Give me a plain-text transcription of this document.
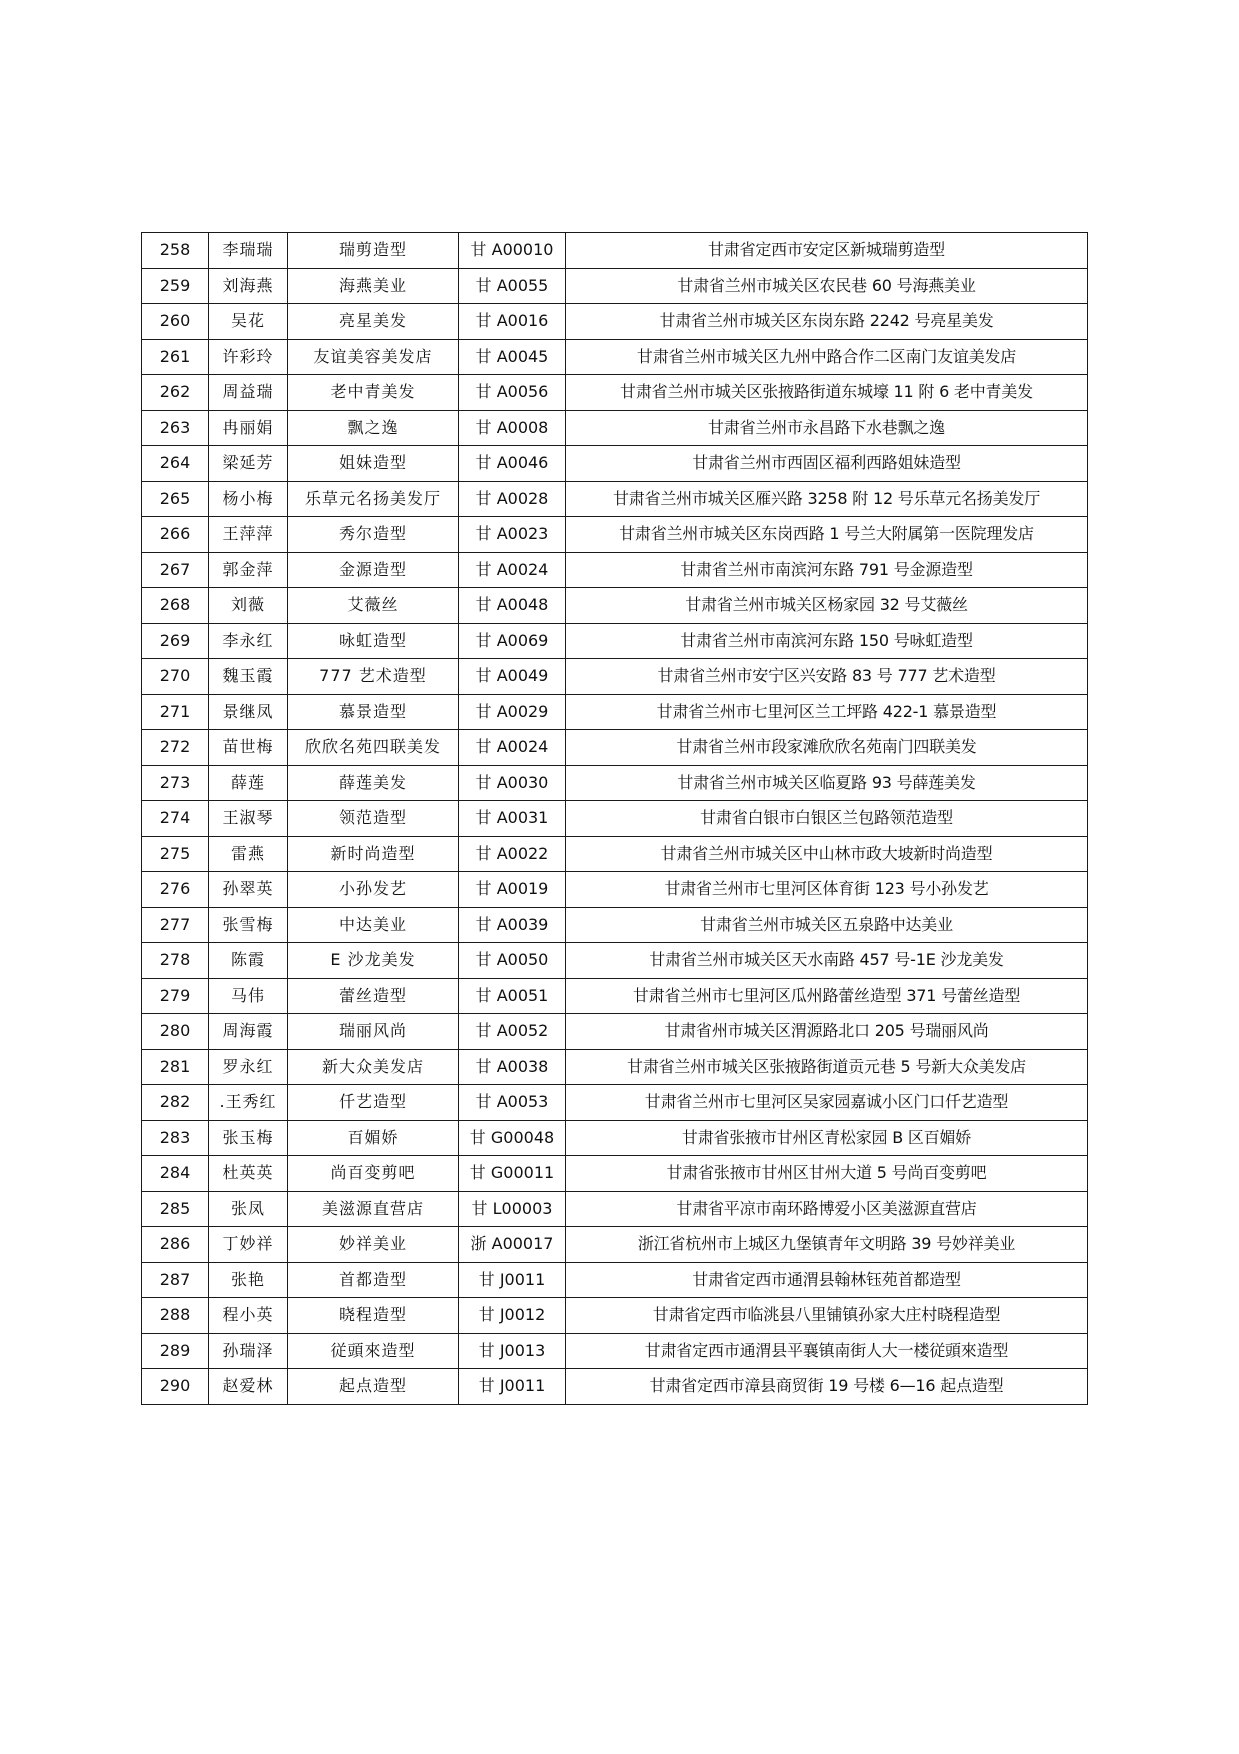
258	李瑞瑞	瑞剪造型	甘 A00010	甘肃省定西市安定区新城瑞剪造型
259	刘海燕	海燕美业	甘 A0055	甘肃省兰州市城关区农民巷 60 号海燕美业
260	吴花	亮星美发	甘 A0016	甘肃省兰州市城关区东岗东路 2242 号亮星美发
261	许彩玲	友谊美容美发店	甘 A0045	甘肃省兰州市城关区九州中路合作二区南门友谊美发店
262	周益瑞	老中青美发	甘 A0056	甘肃省兰州市城关区张掖路街道东城壕 11 附 6 老中青美发
263	冉丽娟	飘之逸	甘 A0008	甘肃省兰州市永昌路下水巷飘之逸
264	梁延芳	姐妹造型	甘 A0046	甘肃省兰州市西固区福利西路姐妹造型
265	杨小梅	乐草元名扬美发厅	甘 A0028	甘肃省兰州市城关区雁兴路 3258 附 12 号乐草元名扬美发厅
266	王萍萍	秀尔造型	甘 A0023	甘肃省兰州市城关区东岗西路 1 号兰大附属第一医院理发店
267	郭金萍	金源造型	甘 A0024	甘肃省兰州市南滨河东路 791 号金源造型
268	刘薇	艾薇丝	甘 A0048	甘肃省兰州市城关区杨家园 32 号艾薇丝
269	李永红	咏虹造型	甘 A0069	甘肃省兰州市南滨河东路 150 号咏虹造型
270	魏玉霞	777 艺术造型	甘 A0049	甘肃省兰州市安宁区兴安路 83 号 777 艺术造型
271	景继凤	慕景造型	甘 A0029	甘肃省兰州市七里河区兰工坪路 422-1 慕景造型
272	苗世梅	欣欣名苑四联美发	甘 A0024	甘肃省兰州市段家滩欣欣名苑南门四联美发
273	薛莲	薛莲美发	甘 A0030	甘肃省兰州市城关区临夏路 93 号薛莲美发
274	王淑琴	领范造型	甘 A0031	甘肃省白银市白银区兰包路领范造型
275	雷燕	新时尚造型	甘 A0022	甘肃省兰州市城关区中山林市政大坡新时尚造型
276	孙翠英	小孙发艺	甘 A0019	甘肃省兰州市七里河区体育街 123 号小孙发艺
277	张雪梅	中达美业	甘 A0039	甘肃省兰州市城关区五泉路中达美业
278	陈霞	E 沙龙美发	甘 A0050	甘肃省兰州市城关区天水南路 457 号-1E 沙龙美发
279	马伟	蕾丝造型	甘 A0051	甘肃省兰州市七里河区瓜州路蕾丝造型 371 号蕾丝造型
280	周海霞	瑞丽风尚	甘 A0052	甘肃省州市城关区渭源路北口 205 号瑞丽风尚
281	罗永红	新大众美发店	甘 A0038	甘肃省兰州市城关区张掖路街道贡元巷 5 号新大众美发店
282	.王秀红	仟艺造型	甘 A0053	甘肃省兰州市七里河区吴家园嘉诚小区门口仟艺造型
283	张玉梅	百媚娇	甘 G00048	甘肃省张掖市甘州区青松家园 B 区百媚娇
284	杜英英	尚百变剪吧	甘 G00011	甘肃省张掖市甘州区甘州大道 5 号尚百变剪吧
285	张凤	美滋源直营店	甘 L00003	甘肃省平凉市南环路博爱小区美滋源直营店
286	丁妙祥	妙祥美业	浙 A00017	浙江省杭州市上城区九堡镇青年文明路 39 号妙祥美业
287	张艳	首都造型	甘 J0011	甘肃省定西市通渭县翰林钰苑首都造型
288	程小英	晓程造型	甘 J0012	甘肃省定西市临洮县八里铺镇孙家大庄村晓程造型
289	孙瑞泽	従頭來造型	甘 J0013	甘肃省定西市通渭县平襄镇南街人大一楼従頭來造型
290	赵爱林	起点造型	甘 J0011	甘肃省定西市漳县商贸街 19 号楼 6—16 起点造型
